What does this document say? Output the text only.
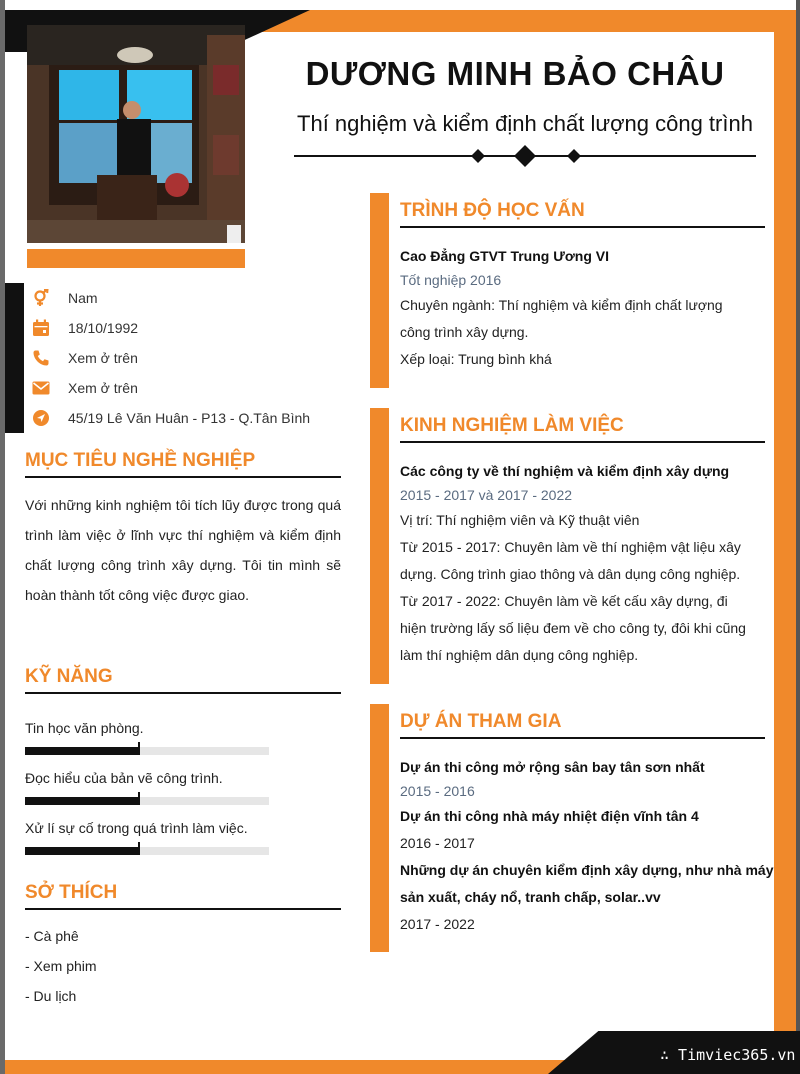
∴ Timviec365.vn
Nam
18/10/1992
Xem ở trên
Xem ở trên
45/19 Lê Văn Huân - P13 - Q.Tân Bình
DƯƠNG MINH BẢO CHÂU
Thí nghiệm và kiểm định chất lượng công trình
MỤC TIÊU NGHỀ NGHIỆP
Với những kinh nghiệm tôi tích lũy được trong quá trình làm việc ở lĩnh vực thí nghiệm và kiểm định chất lượng công trình xây dựng. Tôi tin mình sẽ hoàn thành tốt công việc được giao.
KỸ NĂNG
Tin học văn phòng.
Đọc hiểu của bản vẽ công trình.
Xử lí sự cố trong quá trình làm việc.
SỞ THÍCH
- Cà phê
- Xem phim
- Du lịch
TRÌNH ĐỘ HỌC VẤN
Cao Đẳng GTVT Trung Ương VI
Tốt nghiệp 2016
Chuyên ngành: Thí nghiệm và kiểm định chất lượng
công trình xây dựng.
Xếp loại: Trung bình khá
KINH NGHIỆM LÀM VIỆC
Các công ty về thí nghiệm và kiểm định xây dựng
2015 - 2017 và 2017 - 2022
Vị trí: Thí nghiệm viên và Kỹ thuật viên
Từ 2015 - 2017: Chuyên làm về thí nghiệm vật liệu xây
dựng. Công trình giao thông và dân dụng công nghiệp.
Từ 2017 - 2022: Chuyên làm về kết cấu xây dựng, đi
hiện trường lấy số liệu đem về cho công ty, đôi khi cũng
làm thí nghiệm dân dụng công nghiệp.
DỰ ÁN THAM GIA
Dự án thi công mở rộng sân bay tân sơn nhất
2015 - 2016
Dự án thi công nhà máy nhiệt điện vĩnh tân 4
2016 - 2017
Những dự án chuyên kiểm định xây dựng, như nhà máy
sản xuất, cháy nổ, tranh chấp, solar..vv
2017 - 2022
